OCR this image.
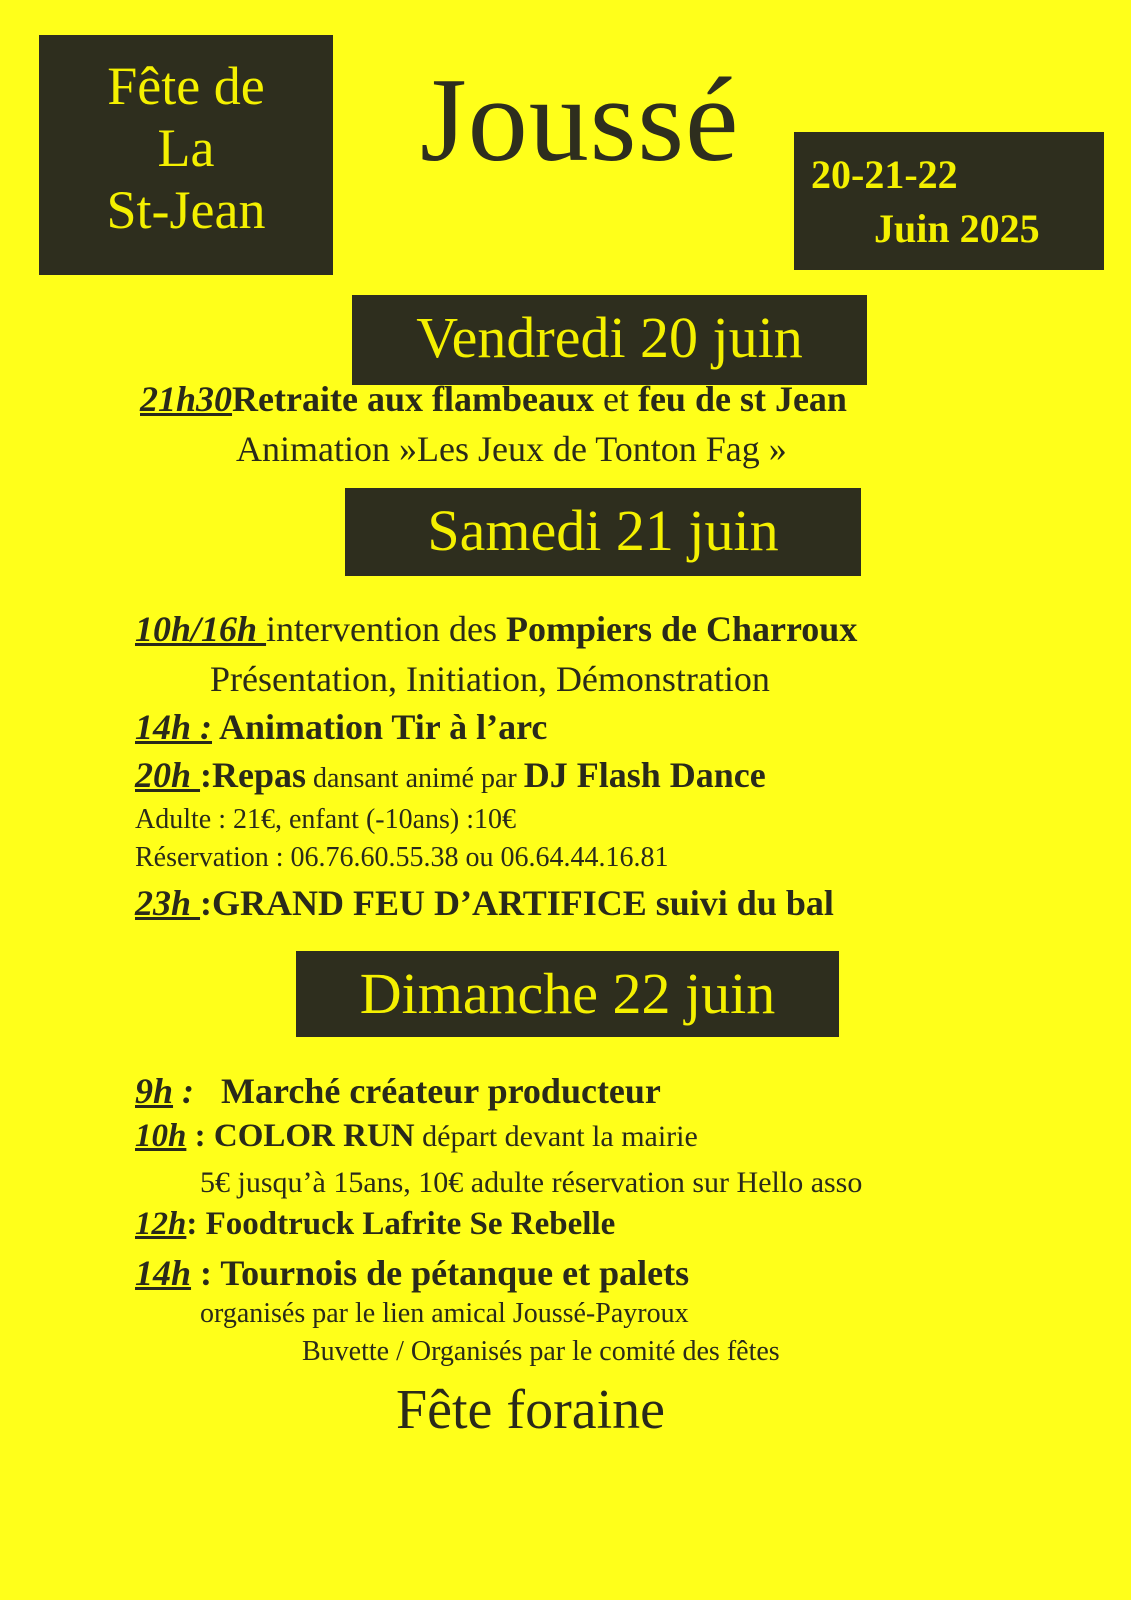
Fête de
La
St-Jean
Joussé	20-21-22
Juin 2025
Vendredi 20 juin
21h30Retraite aux flambeaux et feu de st Jean
Animation »Les Jeux de Tonton Fag »
Samedi 21 juin
10h/16h intervention des Pompiers de Charroux
Présentation, Initiation, Démonstration
14h : Animation Tir à l’arc
20h :Repas dansant animé par DJ Flash Dance
Adulte : 21€, enfant (-10ans) :10€
Réservation : 06.76.60.55.38 ou 06.64.44.16.81
23h :GRAND FEU D’ARTIFICE suivi du bal
Dimanche 22 juin
9h :   Marché créateur producteur
10h : COLOR RUN départ devant la mairie
5€ jusqu’à 15ans, 10€ adulte réservation sur Hello asso
12h: Foodtruck Lafrite Se Rebelle
14h : Tournois de pétanque et palets
organisés par le lien amical Joussé-Payroux
Buvette / Organisés par le comité des fêtes
Fête foraine
